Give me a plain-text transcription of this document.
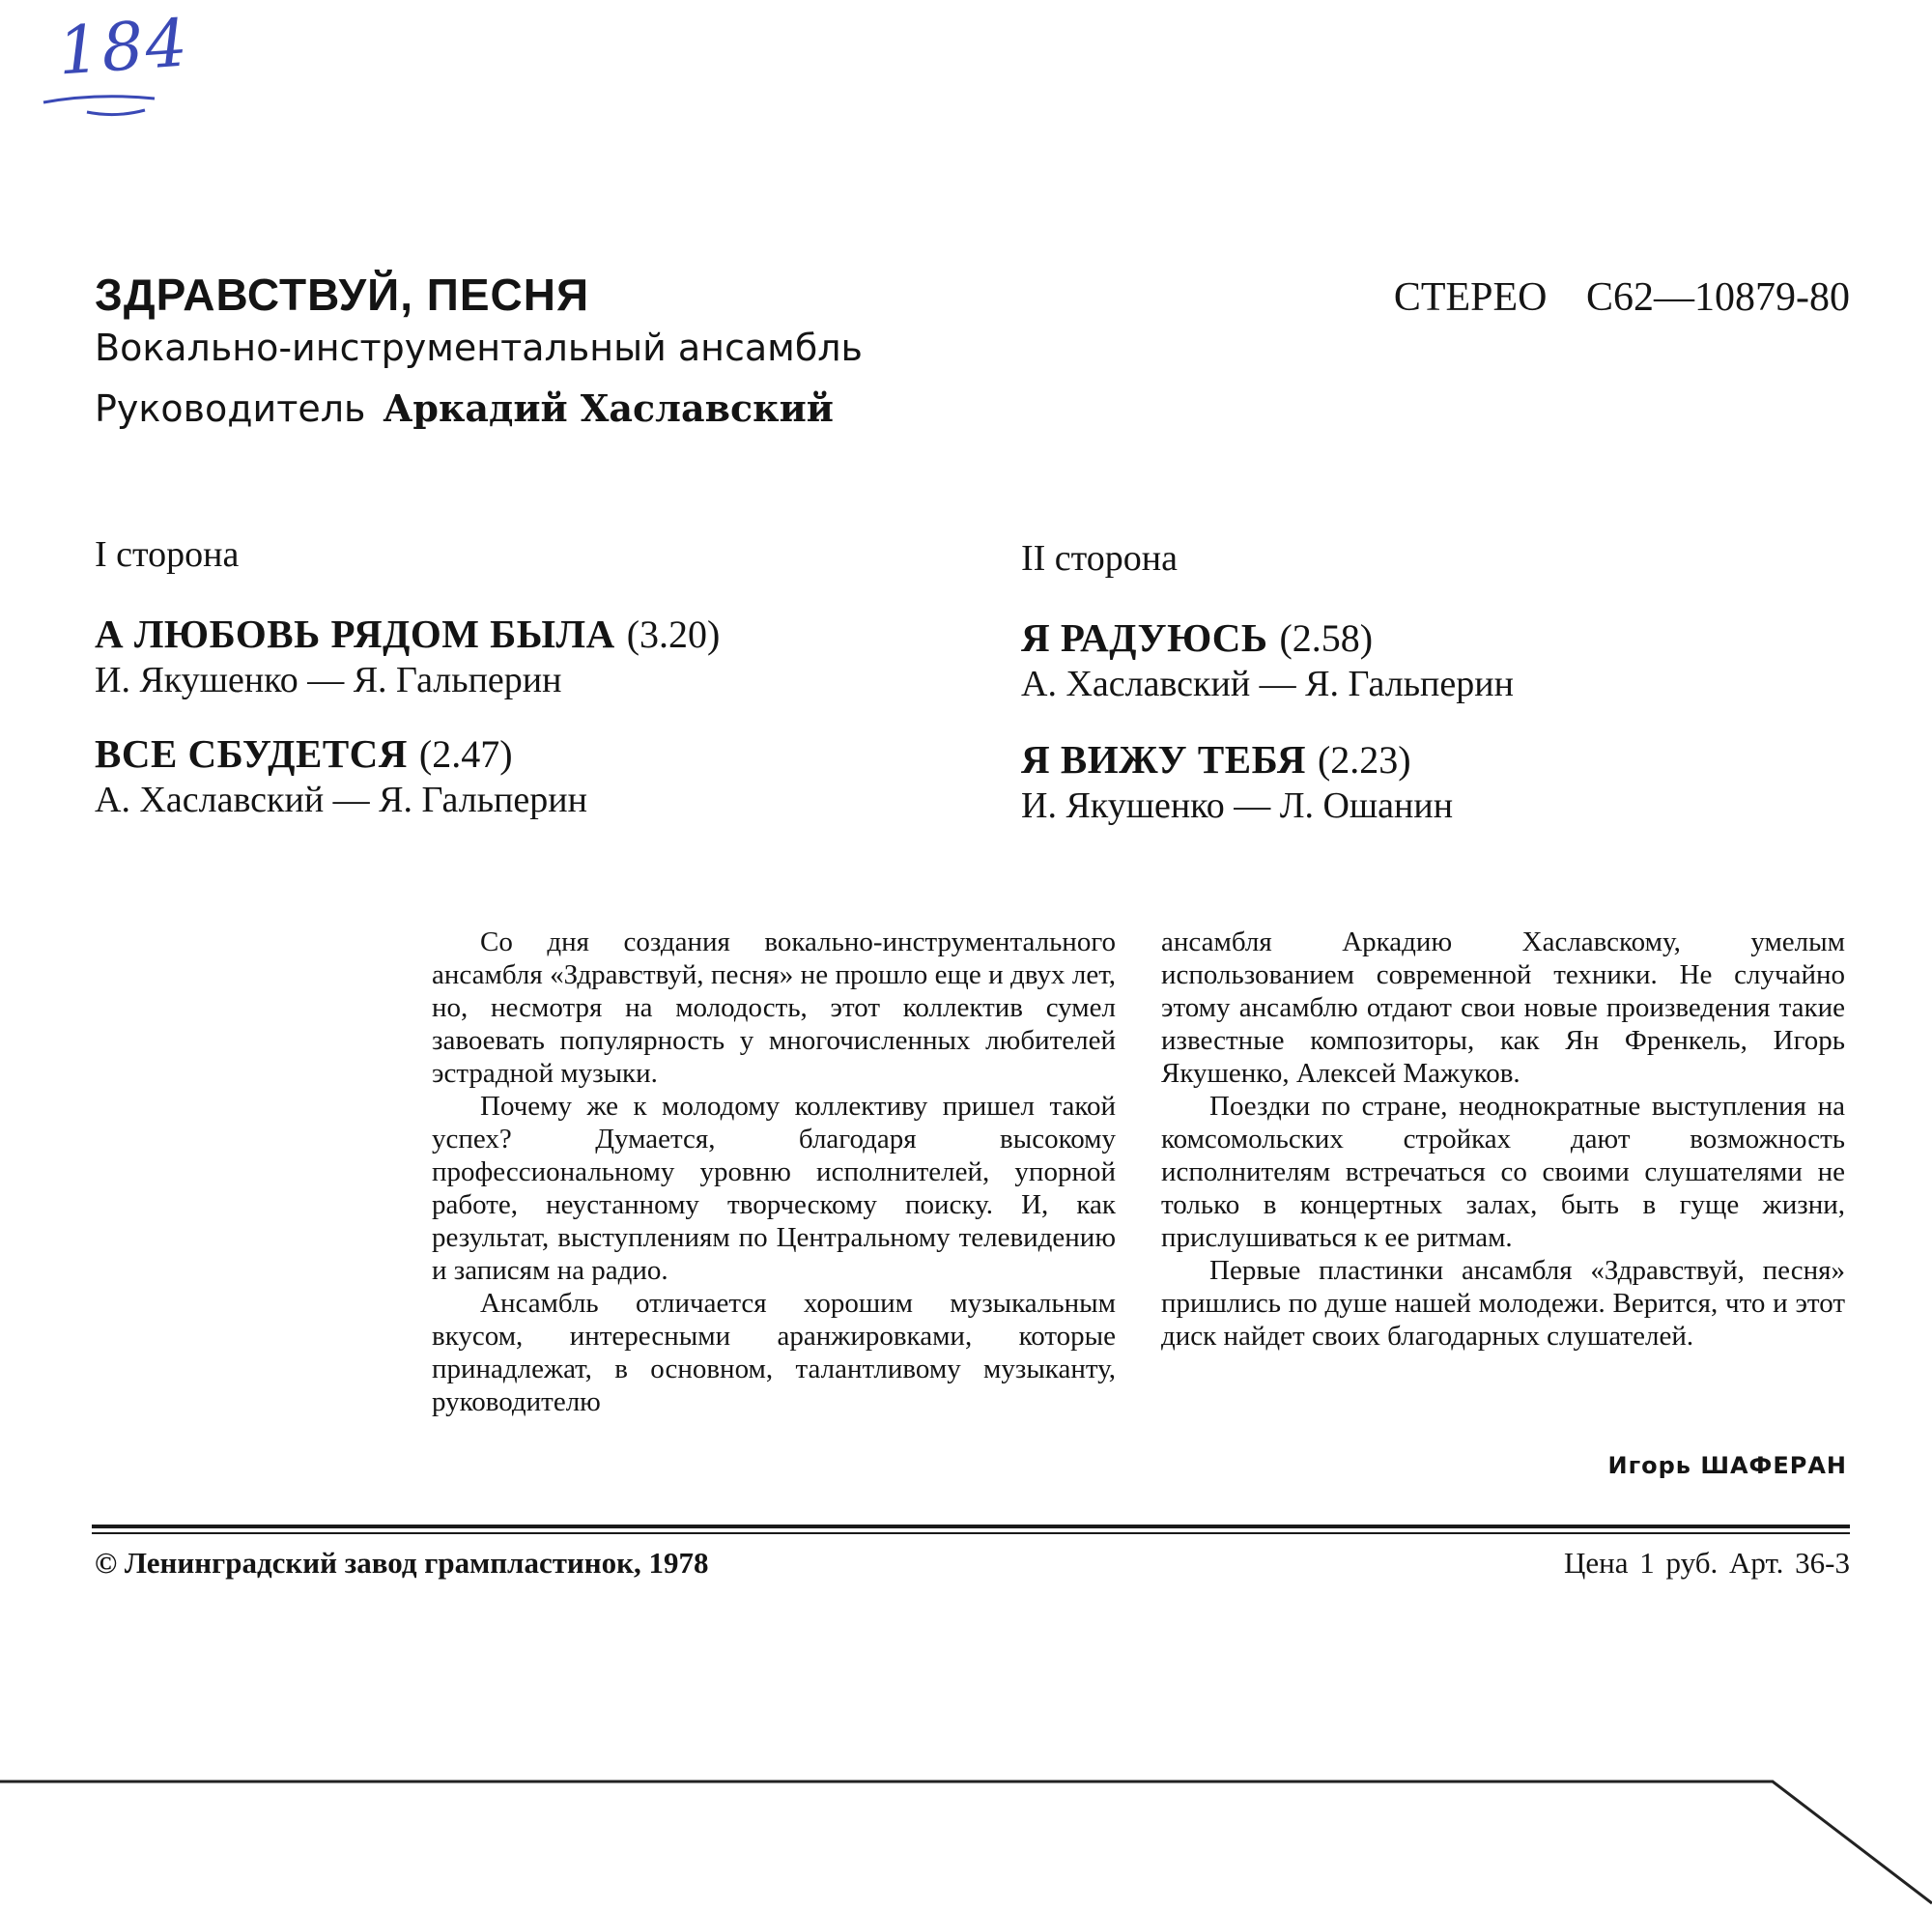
184
ЗДРАВСТВУЙ, ПЕСНЯ	СТЕРЕО С62—10879-80
Вокально-инструментальный ансамбль
Руководитель Аркадий Хаславский
I сторона
А ЛЮБОВЬ РЯДОМ БЫЛА (3.20)
И. Якушенко — Я. Гальперин
ВСЕ СБУДЕТСЯ (2.47)
А. Хаславский — Я. Гальперин
II сторона
Я РАДУЮСЬ (2.58)
А. Хаславский — Я. Гальперин
Я ВИЖУ ТЕБЯ (2.23)
И. Якушенко — Л. Ошанин

Со дня создания вокально-инструментального ансамбля «Здравствуй, песня» не прошло еще и двух лет, но, несмотря на молодость, этот коллектив сумел завоевать популярность у многочисленных любителей эстрадной музыки.

Почему же к молодому коллективу пришел такой успех? Думается, благодаря высокому профессиональному уровню исполнителей, упорной работе, неустанному творческому поиску. И, как результат, выступлениям по Центральному телевидению и записям на радио.

Ансамбль отличается хорошим музыкальным вкусом, интересными аранжировками, которые принадлежат, в основном, талантливому музыканту, руководителю

ансамбля Аркадию Хаславскому, умелым использованием современной техники. Не случайно этому ансамблю отдают свои новые произведения такие известные композиторы, как Ян Френкель, Игорь Якушенко, Алексей Мажуков.

Поездки по стране, неоднократные выступления на комсомольских стройках дают возможность исполнителям встречаться со своими слушателями не только в концертных залах, быть в гуще жизни, прислушиваться к ее ритмам.

Первые пластинки ансамбля «Здравствуй, песня» пришлись по душе нашей молодежи. Верится, что и этот диск найдет своих благодарных слушателей.

Игорь ШАФЕРАН
© Ленинградский завод грампластинок, 1978	Цена 1 руб. Арт. 36-3
